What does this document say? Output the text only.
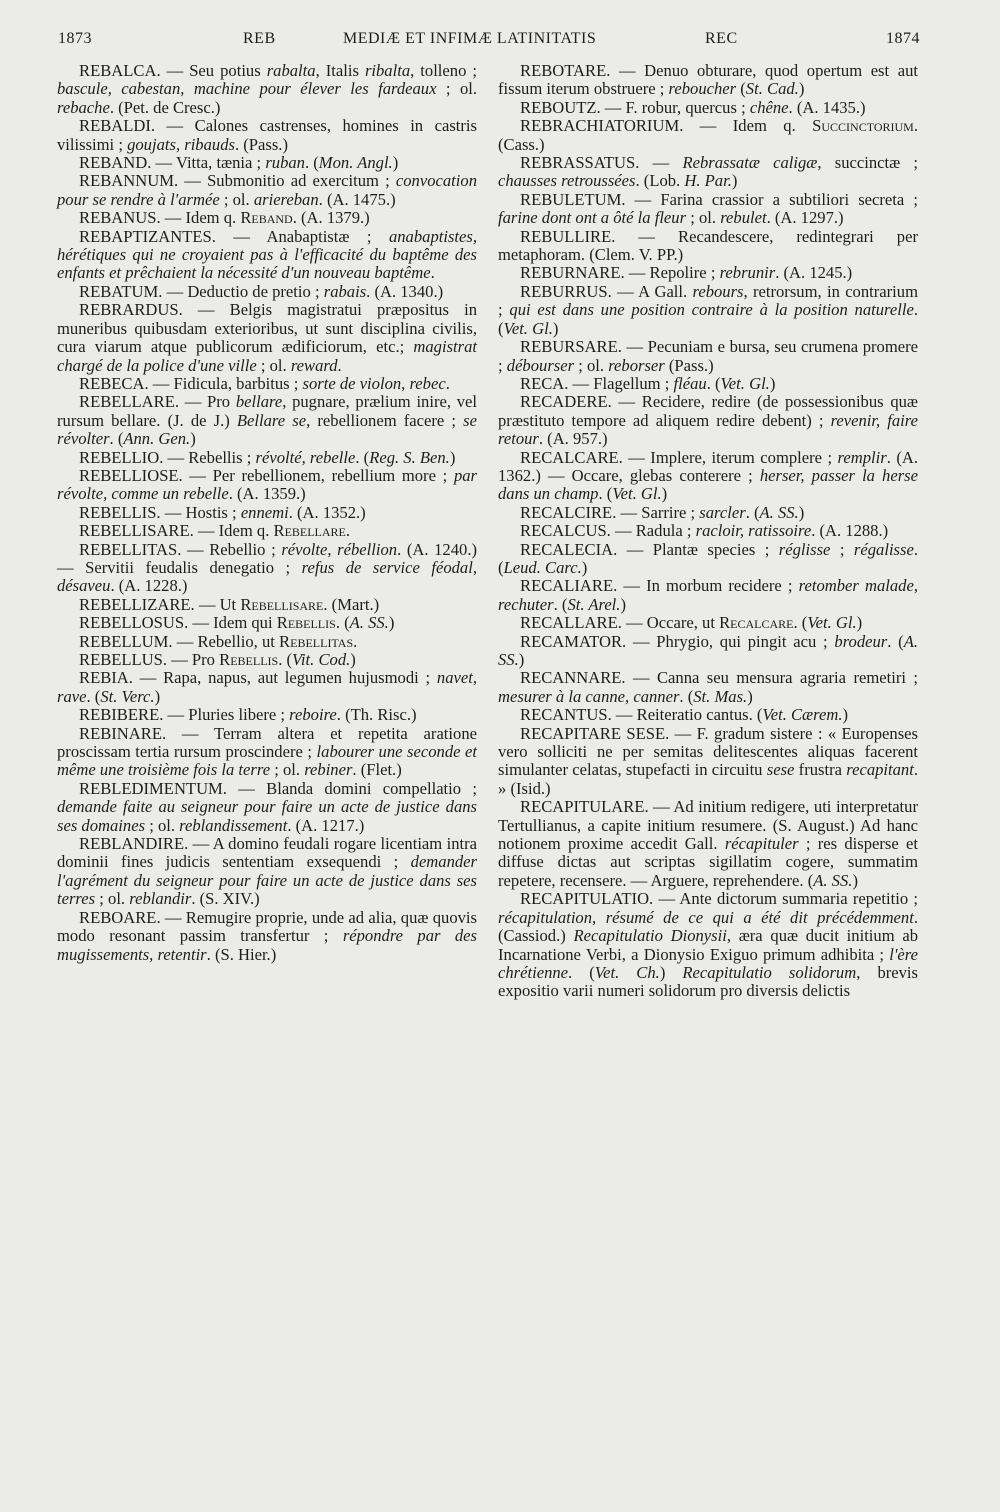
1873	REB	MEDIÆ ET INFIMÆ LATINITATIS	REC	1874

REBALCA. — Seu potius rabalta, Italis ribalta, tolleno ; bascule, cabestan, machine pour élever les fardeaux ; ol. rebache. (Pet. de Cresc.)

REBALDI. — Calones castrenses, homines in castris vilissimi ; goujats, ribauds. (Pass.)

REBAND. — Vitta, tænia ; ruban. (Mon. Angl.)

REBANNUM. — Submonitio ad exercitum ; convocation pour se rendre à l'armée ; ol. ariereban. (A. 1475.)

REBANUS. — Idem q. Reband. (A. 1379.)

REBAPTIZANTES. — Anabaptistæ ; anabaptistes, hérétiques qui ne croyaient pas à l'efficacité du baptême des enfants et prêchaient la nécessité d'un nouveau baptême.

REBATUM. — Deductio de pretio ; rabais. (A. 1340.)

REBRARDUS. — Belgis magistratui præpositus in muneribus quibusdam exterioribus, ut sunt disciplina civilis, cura viarum atque publicorum ædificiorum, etc.; magistrat chargé de la police d'une ville ; ol. reward.

REBECA. — Fidicula, barbitus ; sorte de violon, rebec.

REBELLARE. — Pro bellare, pugnare, prælium inire, vel rursum bellare. (J. de J.) Bellare se, rebellionem facere ; se révolter. (Ann. Gen.)

REBELLIO. — Rebellis ; révolté, rebelle. (Reg. S. Ben.)

REBELLIOSE. — Per rebellionem, rebellium more ; par révolte, comme un rebelle. (A. 1359.)

REBELLIS. — Hostis ; ennemi. (A. 1352.)

REBELLISARE. — Idem q. Rebellare.

REBELLITAS. — Rebellio ; révolte, rébellion. (A. 1240.) — Servitii feudalis denegatio ; refus de service féodal, désaveu. (A. 1228.)

REBELLIZARE. — Ut Rebellisare. (Mart.)

REBELLOSUS. — Idem qui Rebellis. (A. SS.)

REBELLUM. — Rebellio, ut Rebellitas.

REBELLUS. — Pro Rebellis. (Vit. Cod.)

REBIA. — Rapa, napus, aut legumen hujusmodi ; navet, rave. (St. Verc.)

REBIBERE. — Pluries libere ; reboire. (Th. Risc.)

REBINARE. — Terram altera et repetita aratione proscissam tertia rursum proscindere ; labourer une seconde et même une troisième fois la terre ; ol. rebiner. (Flet.)

REBLEDIMENTUM. — Blanda domini compellatio ; demande faite au seigneur pour faire un acte de justice dans ses domaines ; ol. reblandissement. (A. 1217.)

REBLANDIRE. — A domino feudali rogare licentiam intra dominii fines judicis sententiam exsequendi ; demander l'agrément du seigneur pour faire un acte de justice dans ses terres ; ol. reblandir. (S. XIV.)

REBOARE. — Remugire proprie, unde ad alia, quæ quovis modo resonant passim transfertur ; répondre par des mugissements, retentir. (S. Hier.)

REBOTARE. — Denuo obturare, quod opertum est aut fissum iterum obstruere ; reboucher (St. Cad.)

REBOUTZ. — F. robur, quercus ; chêne. (A. 1435.)

REBRACHIATORIUM. — Idem q. Succinctorium. (Cass.)

REBRASSATUS. — Rebrassatæ caligæ, succinctæ ; chausses retroussées. (Lob. H. Par.)

REBULETUM. — Farina crassior a subtiliori secreta ; farine dont ont a ôté la fleur ; ol. rebulet. (A. 1297.)

REBULLIRE. — Recandescere, redintegrari per metaphoram. (Clem. V. PP.)

REBURNARE. — Repolire ; rebrunir. (A. 1245.)

REBURRUS. — A Gall. rebours, retrorsum, in contrarium ; qui est dans une position contraire à la position naturelle. (Vet. Gl.)

REBURSARE. — Pecuniam e bursa, seu crumena promere ; débourser ; ol. reborser (Pass.)

RECA. — Flagellum ; fléau. (Vet. Gl.)

RECADERE. — Recidere, redire (de possessionibus quæ præstituto tempore ad aliquem redire debent) ; revenir, faire retour. (A. 957.)

RECALCARE. — Implere, iterum complere ; remplir. (A. 1362.) — Occare, glebas conterere ; herser, passer la herse dans un champ. (Vet. Gl.)

RECALCIRE. — Sarrire ; sarcler. (A. SS.)

RECALCUS. — Radula ; racloir, ratissoire. (A. 1288.)

RECALECIA. — Plantæ species ; réglisse ; régalisse. (Leud. Carc.)

RECALIARE. — In morbum recidere ; retomber malade, rechuter. (St. Arel.)

RECALLARE. — Occare, ut Recalcare. (Vet. Gl.)

RECAMATOR. — Phrygio, qui pingit acu ; brodeur. (A. SS.)

RECANNARE. — Canna seu mensura agraria remetiri ; mesurer à la canne, canner. (St. Mas.)

RECANTUS. — Reiteratio cantus. (Vet. Cærem.)

RECAPITARE SESE. — F. gradum sistere : « Europenses vero solliciti ne per semitas delitescentes aliquas facerent simulanter celatas, stupefacti in circuitu sese frustra recapitant. » (Isid.)

RECAPITULARE. — Ad initium redigere, uti interpretatur Tertullianus, a capite initium resumere. (S. August.) Ad hanc notionem proxime accedit Gall. récapituler ; res disperse et diffuse dictas aut scriptas sigillatim cogere, summatim repetere, recensere. — Arguere, reprehendere. (A. SS.)

RECAPITULATIO. — Ante dictorum summaria repetitio ; récapitulation, résumé de ce qui a été dit précédemment. (Cassiod.) Recapitulatio Dionysii, æra quæ ducit initium ab Incarnatione Verbi, a Dionysio Exiguo primum adhibita ; l'ère chrétienne. (Vet. Ch.) Recapitulatio solidorum, brevis expositio varii numeri solidorum pro diversis delictis
